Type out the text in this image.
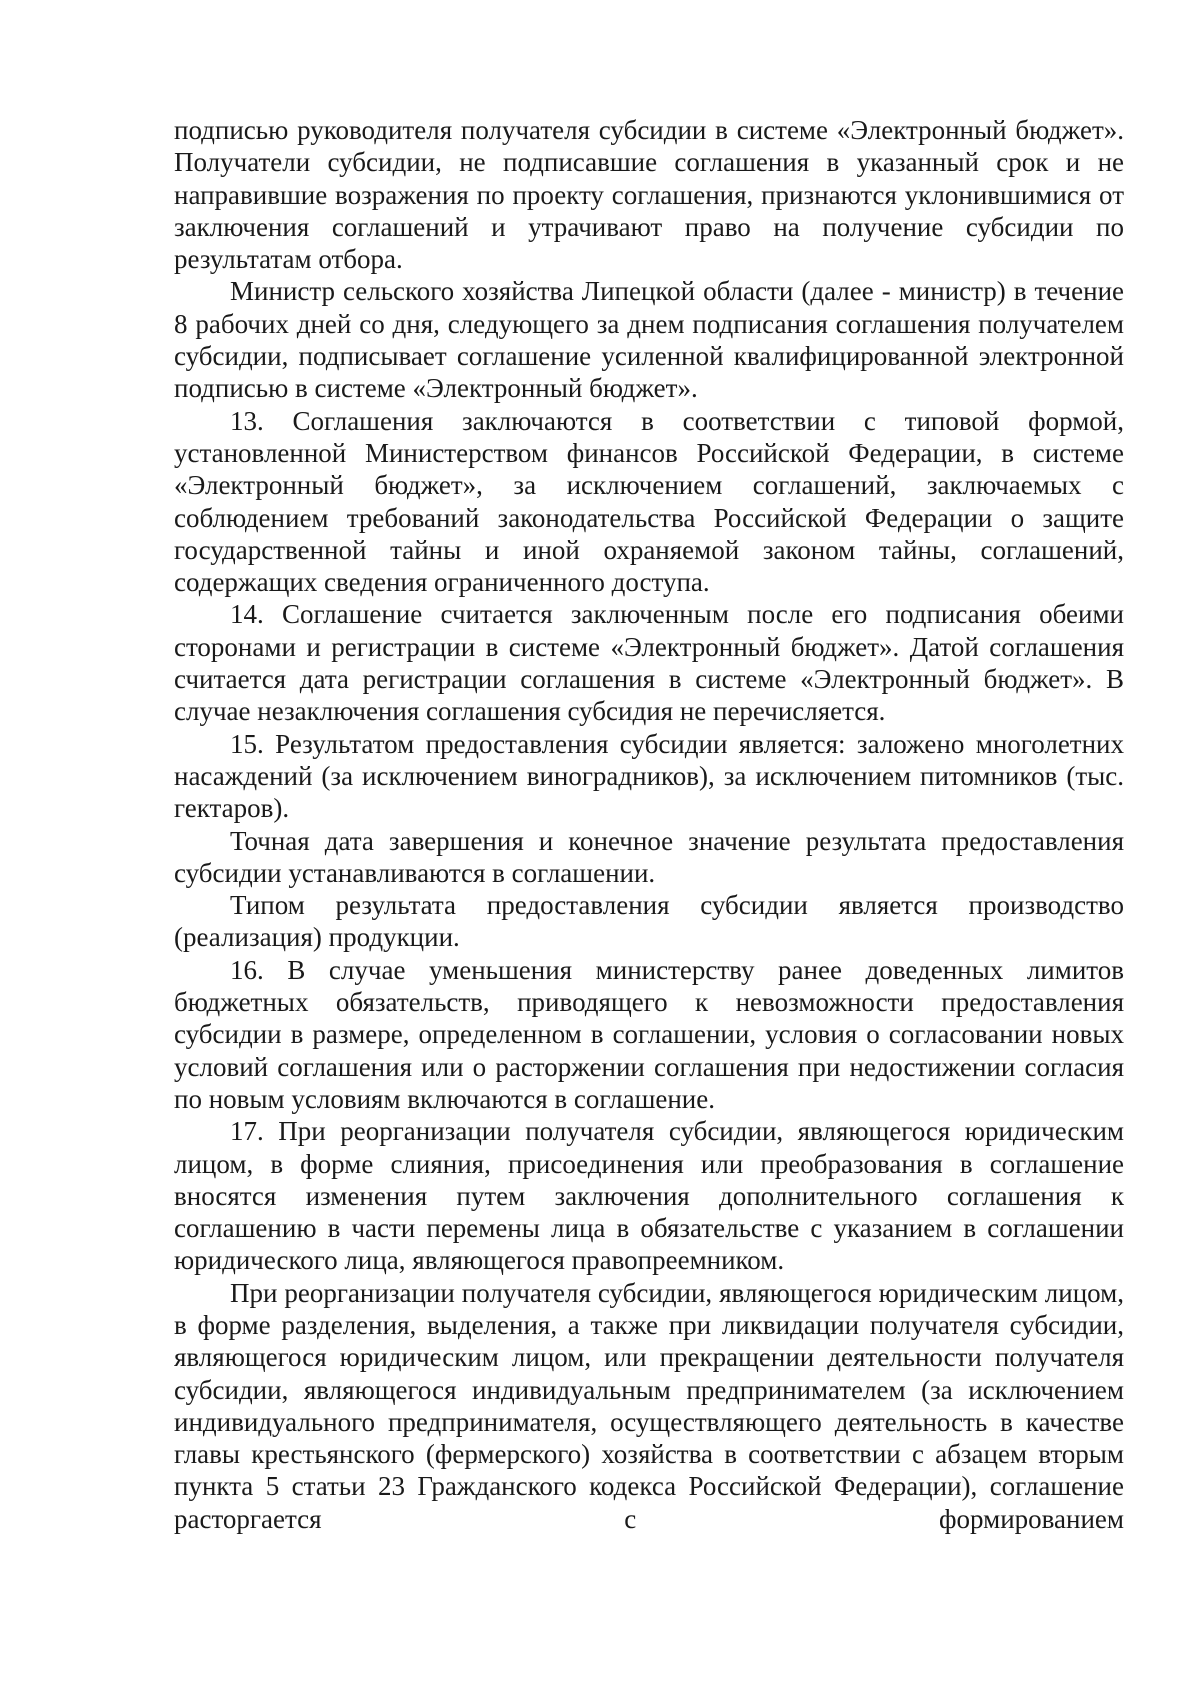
подписью руководителя получателя субсидии в системе «Электронный бюджет». Получатели субсидии, не подписавшие соглашения в указанный срок и не направившие возражения по проекту соглашения, признаются уклонившимися от заключения соглашений и утрачивают право на получение субсидии по результатам отбора.

Министр сельского хозяйства Липецкой области (далее - министр) в течение 8 рабочих дней со дня, следующего за днем подписания соглашения получателем субсидии, подписывает соглашение усиленной квалифицированной электронной подписью в системе «Электронный бюджет».

13. Соглашения заключаются в соответствии с типовой формой, установленной Министерством финансов Российской Федерации, в системе «Электронный бюджет», за исключением соглашений, заключаемых с соблюдением требований законодательства Российской Федерации о защите государственной тайны и иной охраняемой законом тайны, соглашений, содержащих сведения ограниченного доступа.

14. Соглашение считается заключенным после его подписания обеими сторонами и регистрации в системе «Электронный бюджет». Датой соглашения считается дата регистрации соглашения в системе «Электронный бюджет». В случае незаключения соглашения субсидия не перечисляется.

15. Результатом предоставления субсидии является: заложено многолетних насаждений (за исключением виноградников), за исключением питомников (тыс. гектаров).

Точная дата завершения и конечное значение результата предоставления субсидии устанавливаются в соглашении.

Типом результата предоставления субсидии является производство (реализация) продукции.

16. В случае уменьшения министерству ранее доведенных лимитов бюджетных обязательств, приводящего к невозможности предоставления субсидии в размере, определенном в соглашении, условия о согласовании новых условий соглашения или о расторжении соглашения при недостижении согласия по новым условиям включаются в соглашение.

17. При реорганизации получателя субсидии, являющегося юридическим лицом, в форме слияния, присоединения или преобразования в соглашение вносятся изменения путем заключения дополнительного соглашения к соглашению в части перемены лица в обязательстве с указанием в соглашении юридического лица, являющегося правопреемником.

При реорганизации получателя субсидии, являющегося юридическим лицом, в форме разделения, выделения, а также при ликвидации получателя субсидии, являющегося юридическим лицом, или прекращении деятельности получателя субсидии, являющегося индивидуальным предпринимателем (за исключением индивидуального предпринимателя, осуществляющего деятельность в качестве главы крестьянского (фермерского) хозяйства в соответствии с абзацем вторым пункта 5 статьи 23 Гражданского кодекса Российской Федерации), соглашение расторгается с формированием
